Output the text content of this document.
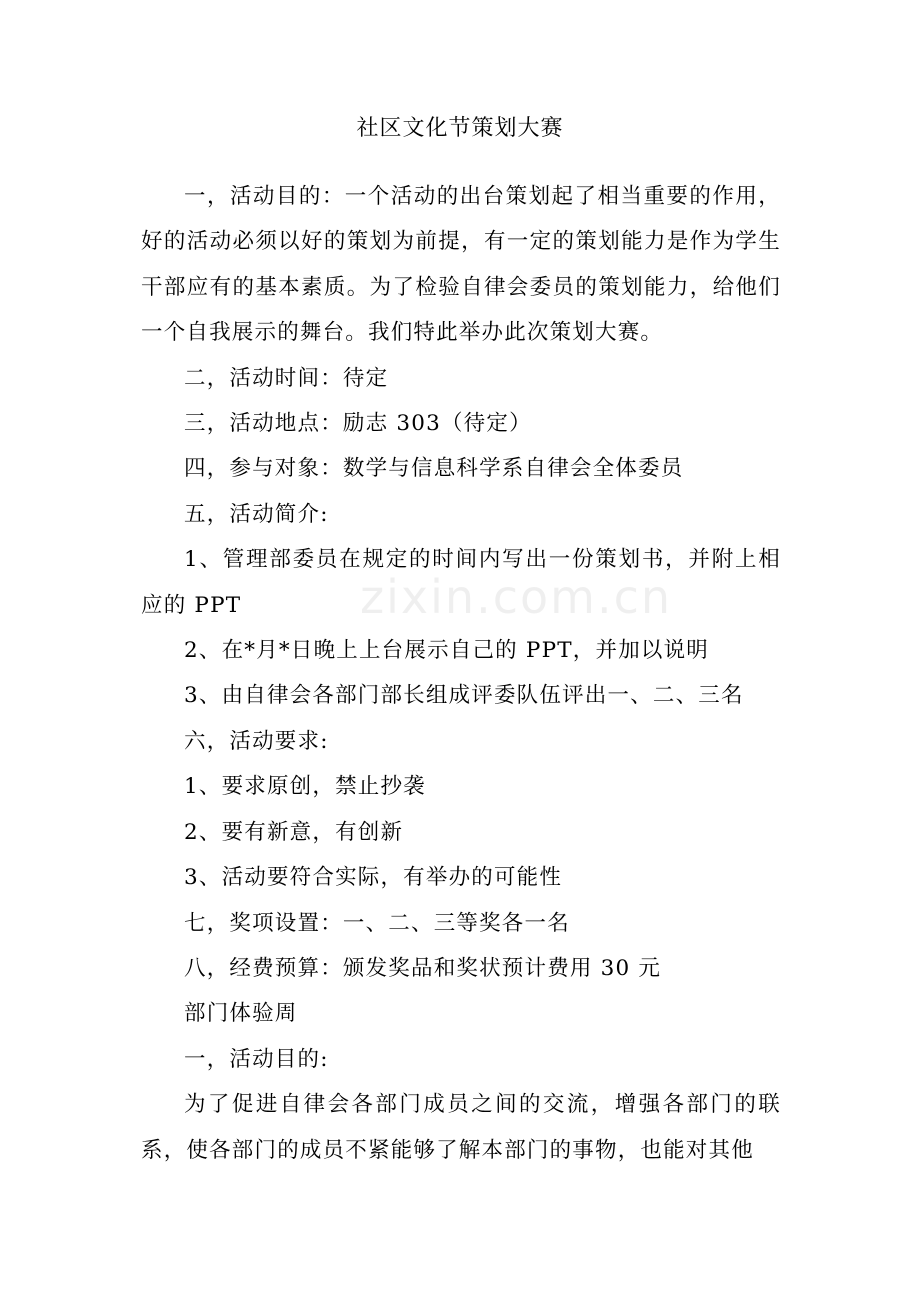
zixin.com.cn
社区文化节策划大赛

一，活动目的：一个活动的出台策划起了相当重要的作用，好的活动必须以好的策划为前提，有一定的策划能力是作为学生干部应有的基本素质。为了检验自律会委员的策划能力，给他们一个自我展示的舞台。我们特此举办此次策划大赛。

二，活动时间：待定

三，活动地点：励志 303（待定）

四，参与对象：数学与信息科学系自律会全体委员

五，活动简介:

1、管理部委员在规定的时间内写出一份策划书，并附上相应的 PPT

2、在*月*日晚上上台展示自己的 PPT，并加以说明

3、由自律会各部门部长组成评委队伍评出一、二、三名

六，活动要求:

1、要求原创，禁止抄袭

2、要有新意，有创新

3、活动要符合实际，有举办的可能性

七，奖项设置：一、二、三等奖各一名

八，经费预算：颁发奖品和奖状预计费用 30 元

部门体验周

一，活动目的:

为了促进自律会各部门成员之间的交流，增强各部门的联系，使各部门的成员不紧能够了解本部门的事物，也能对其他
